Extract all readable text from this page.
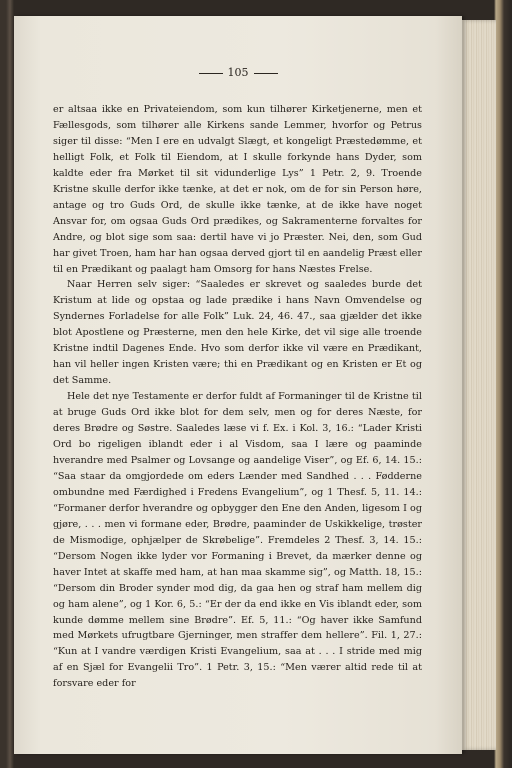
105

er altsaa ikke en Privateiendom, som kun tilhører Kirketjenerne, men et Fællesgods, som tilhører alle Kirkens sande Lemmer, hvorfor og Petrus siger til disse: “Men I ere en udvalgt Slægt, et kongeligt Præstedømme, et helligt Folk, et Folk til Eiendom, at I skulle forkynde hans Dyder, som kaldte eder fra Mørket til sit vidunderlige Lys” 1 Petr. 2, 9. Troende Kristne skulle derfor ikke tænke, at det er nok, om de for sin Person høre, antage og tro Guds Ord, de skulle ikke tænke, at de ikke have noget Ansvar for, om ogsaa Guds Ord prædikes, og Sakramenterne forvaltes for Andre, og blot sige som saa: dertil have vi jo Præster. Nei, den, som Gud har givet Troen, ham har han ogsaa derved gjort til en aandelig Præst eller til en Prædikant og paalagt ham Omsorg for hans Næstes Frelse.

Naar Herren selv siger: “Saaledes er skrevet og saaledes burde det Kristum at lide og opstaa og lade prædike i hans Navn Omvendelse og Syndernes Forladelse for alle Folk” Luk. 24, 46. 47., saa gjælder det ikke blot Apostlene og Præsterne, men den hele Kirke, det vil sige alle troende Kristne indtil Dagenes Ende. Hvo som derfor ikke vil være en Prædikant, han vil heller ingen Kristen være; thi en Prædikant og en Kristen er Et og det Samme.

Hele det nye Testamente er derfor fuldt af Formaninger til de Kristne til at bruge Guds Ord ikke blot for dem selv, men og for deres Næste, for deres Brødre og Søstre. Saaledes læse vi f. Ex. i Kol. 3, 16.: “Lader Kristi Ord bo rigeligen iblandt eder i al Visdom, saa I lære og paaminde hverandre med Psalmer og Lovsange og aandelige Viser”, og Ef. 6, 14. 15.: “Saa staar da omgjordede om eders Lænder med Sandhed . . . Fødderne ombundne med Færdighed i Fredens Evangelium”, og 1 Thesf. 5, 11. 14.: “Formaner derfor hverandre og opbygger den Ene den Anden, ligesom I og gjøre, . . . men vi formane eder, Brødre, paaminder de Uskikkelige, trøster de Mismodige, ophjælper de Skrøbelige”. Fremdeles 2 Thesf. 3, 14. 15.: “Dersom Nogen ikke lyder vor Formaning i Brevet, da mærker denne og haver Intet at skaffe med ham, at han maa skamme sig”, og Matth. 18, 15.: “Dersom din Broder synder mod dig, da gaa hen og straf ham mellem dig og ham alene”, og 1 Kor. 6, 5.: “Er der da end ikke en Vis iblandt eder, som kunde dømme mellem sine Brødre”. Ef. 5, 11.: “Og haver ikke Samfund med Mørkets ufrugtbare Gjerninger, men straffer dem hellere”. Fil. 1, 27.: “Kun at I vandre værdigen Kristi Evangelium, saa at . . . I stride med mig af en Sjæl for Evangelii Tro”. 1 Petr. 3, 15.: “Men værer altid rede til at forsvare eder for
